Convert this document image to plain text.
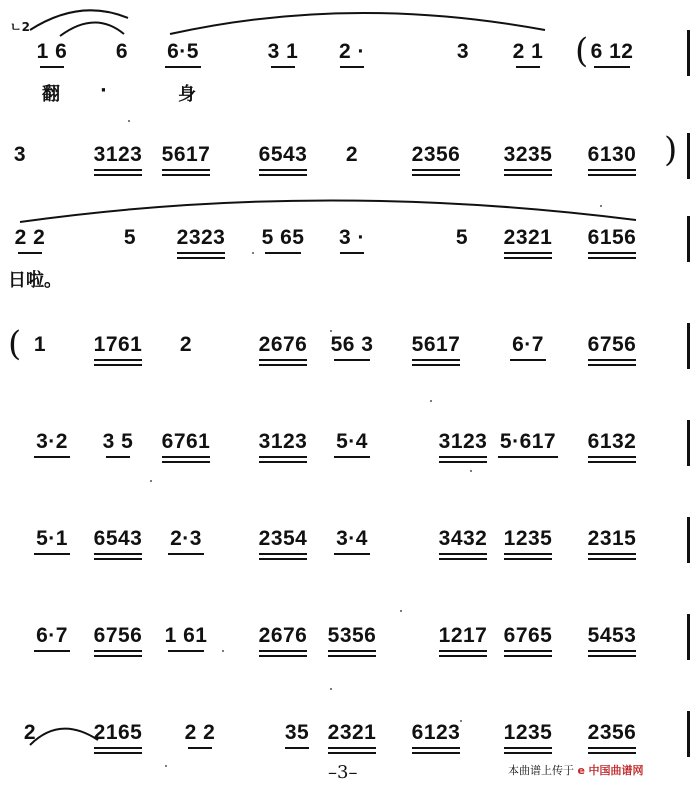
ㄴ2
1 6 6 6·5	3 1 2 ·	3 2 1 6 12
(
翻 ·	身
3	3123 5617 6543 2	2356 3235 6130 )
2 2	5 2323 5 65 3 ·	5 2321 6156
日啦。
1 1761 2	2676 56 3 5617 6·7 6756
(
3·2 3 5 6761 3123 5·4	3123 5·617 6132
5·1 6543 2·3	2354 3·4	3432 1235 2315
6·7 6756 1 61 2676 5356	1217 6765 5453
2	2165 2 2	35 2321 6123 1235 2356
–3–	本曲谱上传于 e 中国曲谱网
